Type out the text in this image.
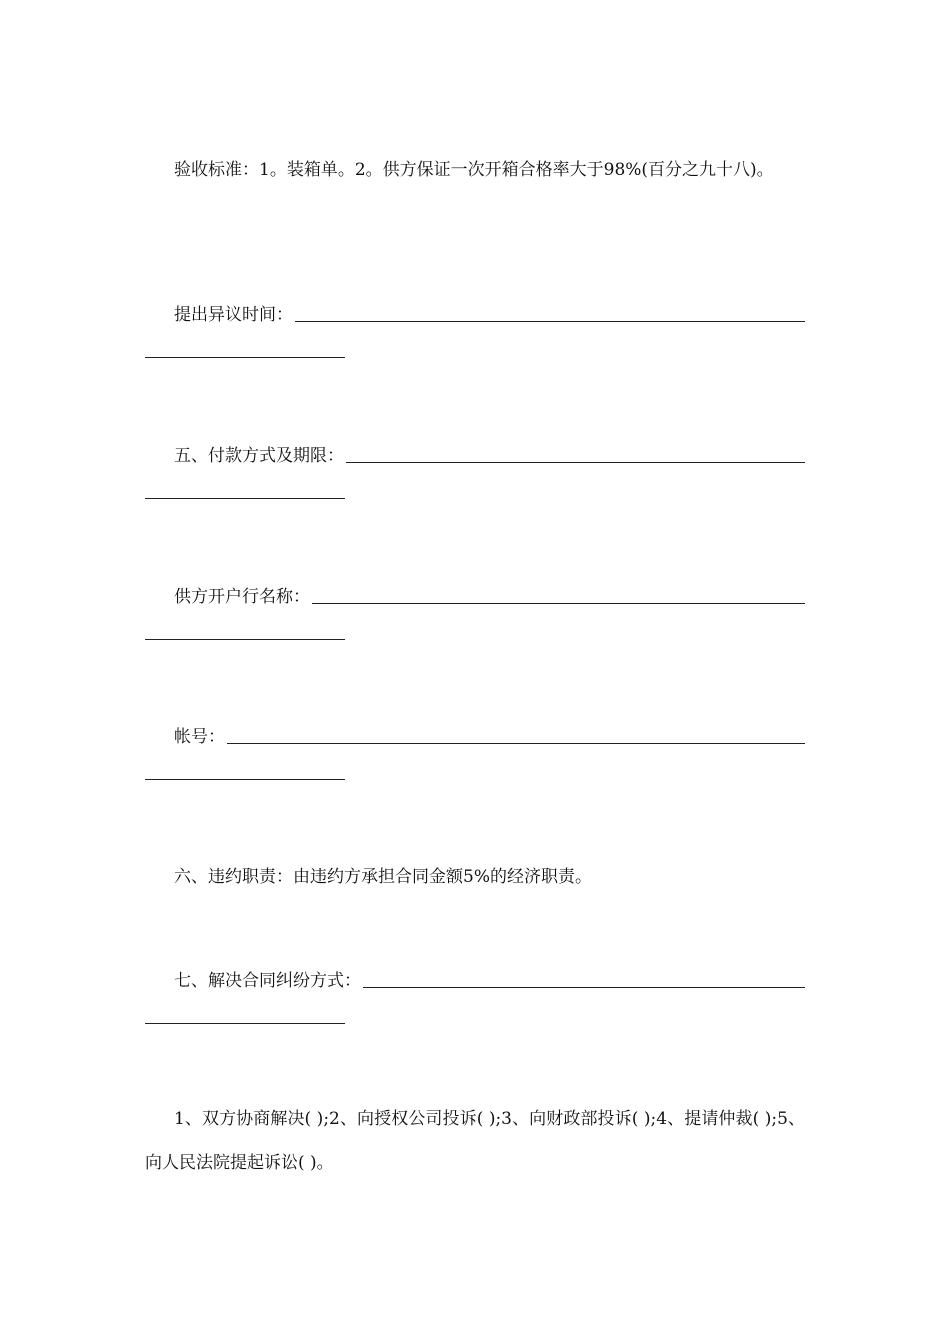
验收标准：1。装箱单。2。供方保证一次开箱合格率大于98%(百分之九十八)。

提出异议时间：
五、付款方式及期限：
供方开户行名称：
帐号：

六、违约职责：由违约方承担合同金额5%的经济职责。

七、解决合同纠纷方式：

1、双方协商解决( );2、向授权公司投诉( );3、向财政部投诉( );4、提请仲裁( );5、向人民法院提起诉讼( )。
